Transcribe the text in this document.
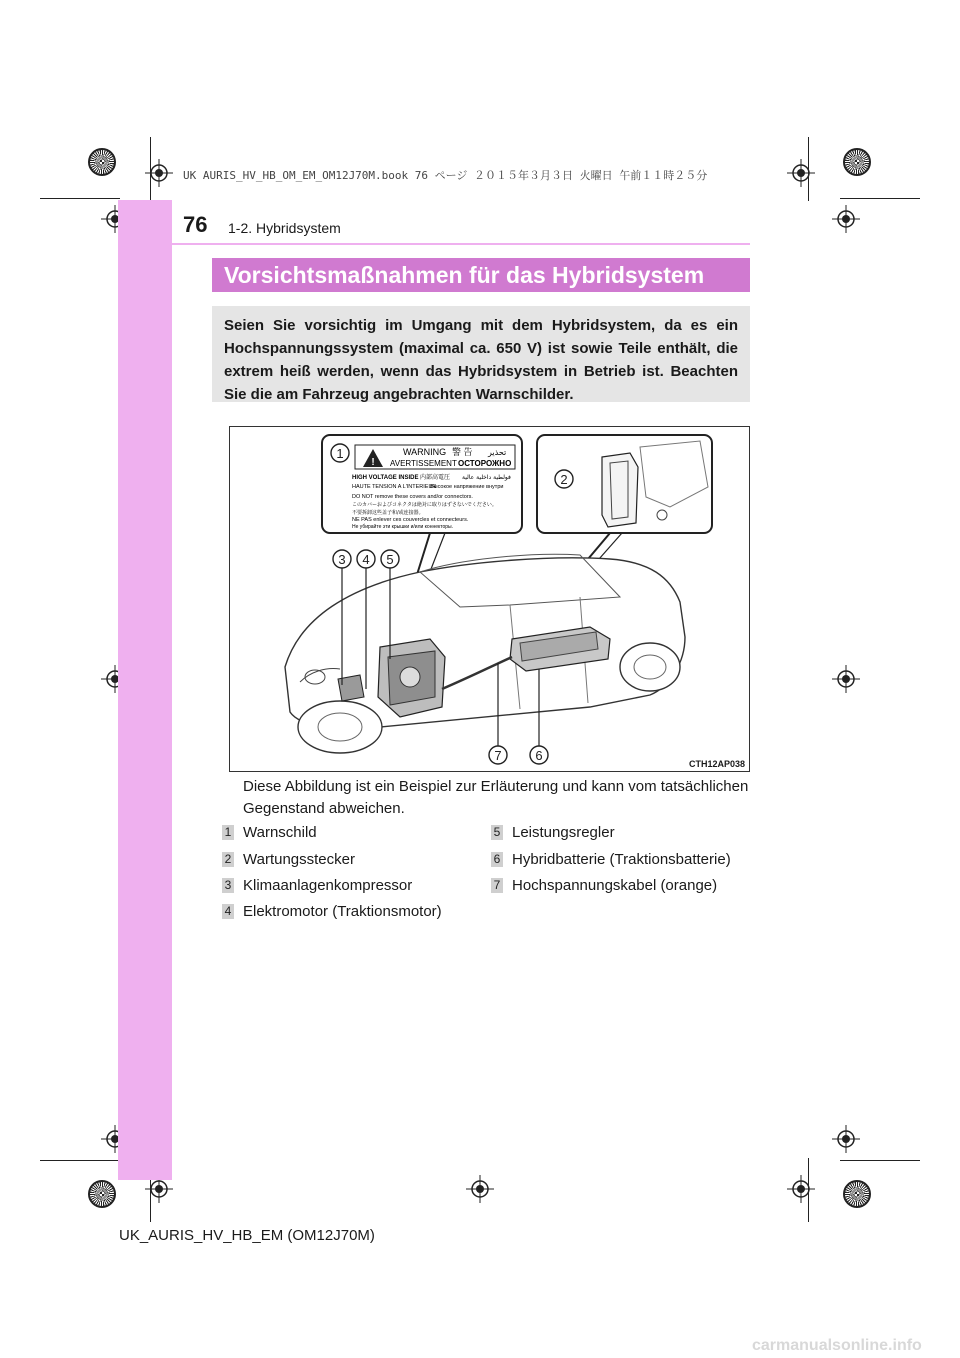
UK AURIS_HV_HB_OM_EM_OM12J70M.book 76 ページ ２０１５年３月３日 火曜日 午前１１時２５分
76 1-2. Hybridsystem
Vorsichtsmaßnahmen für das Hybridsystem
Seien Sie vorsichtig im Umgang mit dem Hybridsystem, da es ein Hochspannungssystem (maximal ca. 650 V) ist sowie Teile enthält, die extrem heiß werden, wenn das Hybridsystem in Betrieb ist. Beachten Sie die am Fahrzeug angebrachten Warnschilder.
!
WARNING 警 告 تحذير
AVERTISSEMENT ОСТОРОЖНО
HIGH VOLTAGE INSIDE 内部高電圧 فولطية داخلية عالية
HAUTE TENSION A L'INTERIEUR
Высокое напряжение внутри
DO NOT remove these covers and/or connectors.
このカバーおよびコネクタは絶対に取りはずさないでください。
不要拆卸这些盖子和/或连接器。
NE PAS enlever ces couvercles et connecteurs.
Не убирайте эти крышки и/или коннекторы.
1
2
3 4 5
6
7
CTH12AP038
Diese Abbildung ist ein Beispiel zur Erläuterung und kann vom tatsächlichen Gegenstand abweichen.
1 Warnschild
2 Wartungsstecker
3 Klimaanlagenkompressor
4 Elektromotor (Traktionsmotor)
5 Leistungsregler
6 Hybridbatterie (Traktionsbatterie)
7 Hochspannungskabel (orange)
UK_AURIS_HV_HB_EM (OM12J70M)
carmanualsonline.info
